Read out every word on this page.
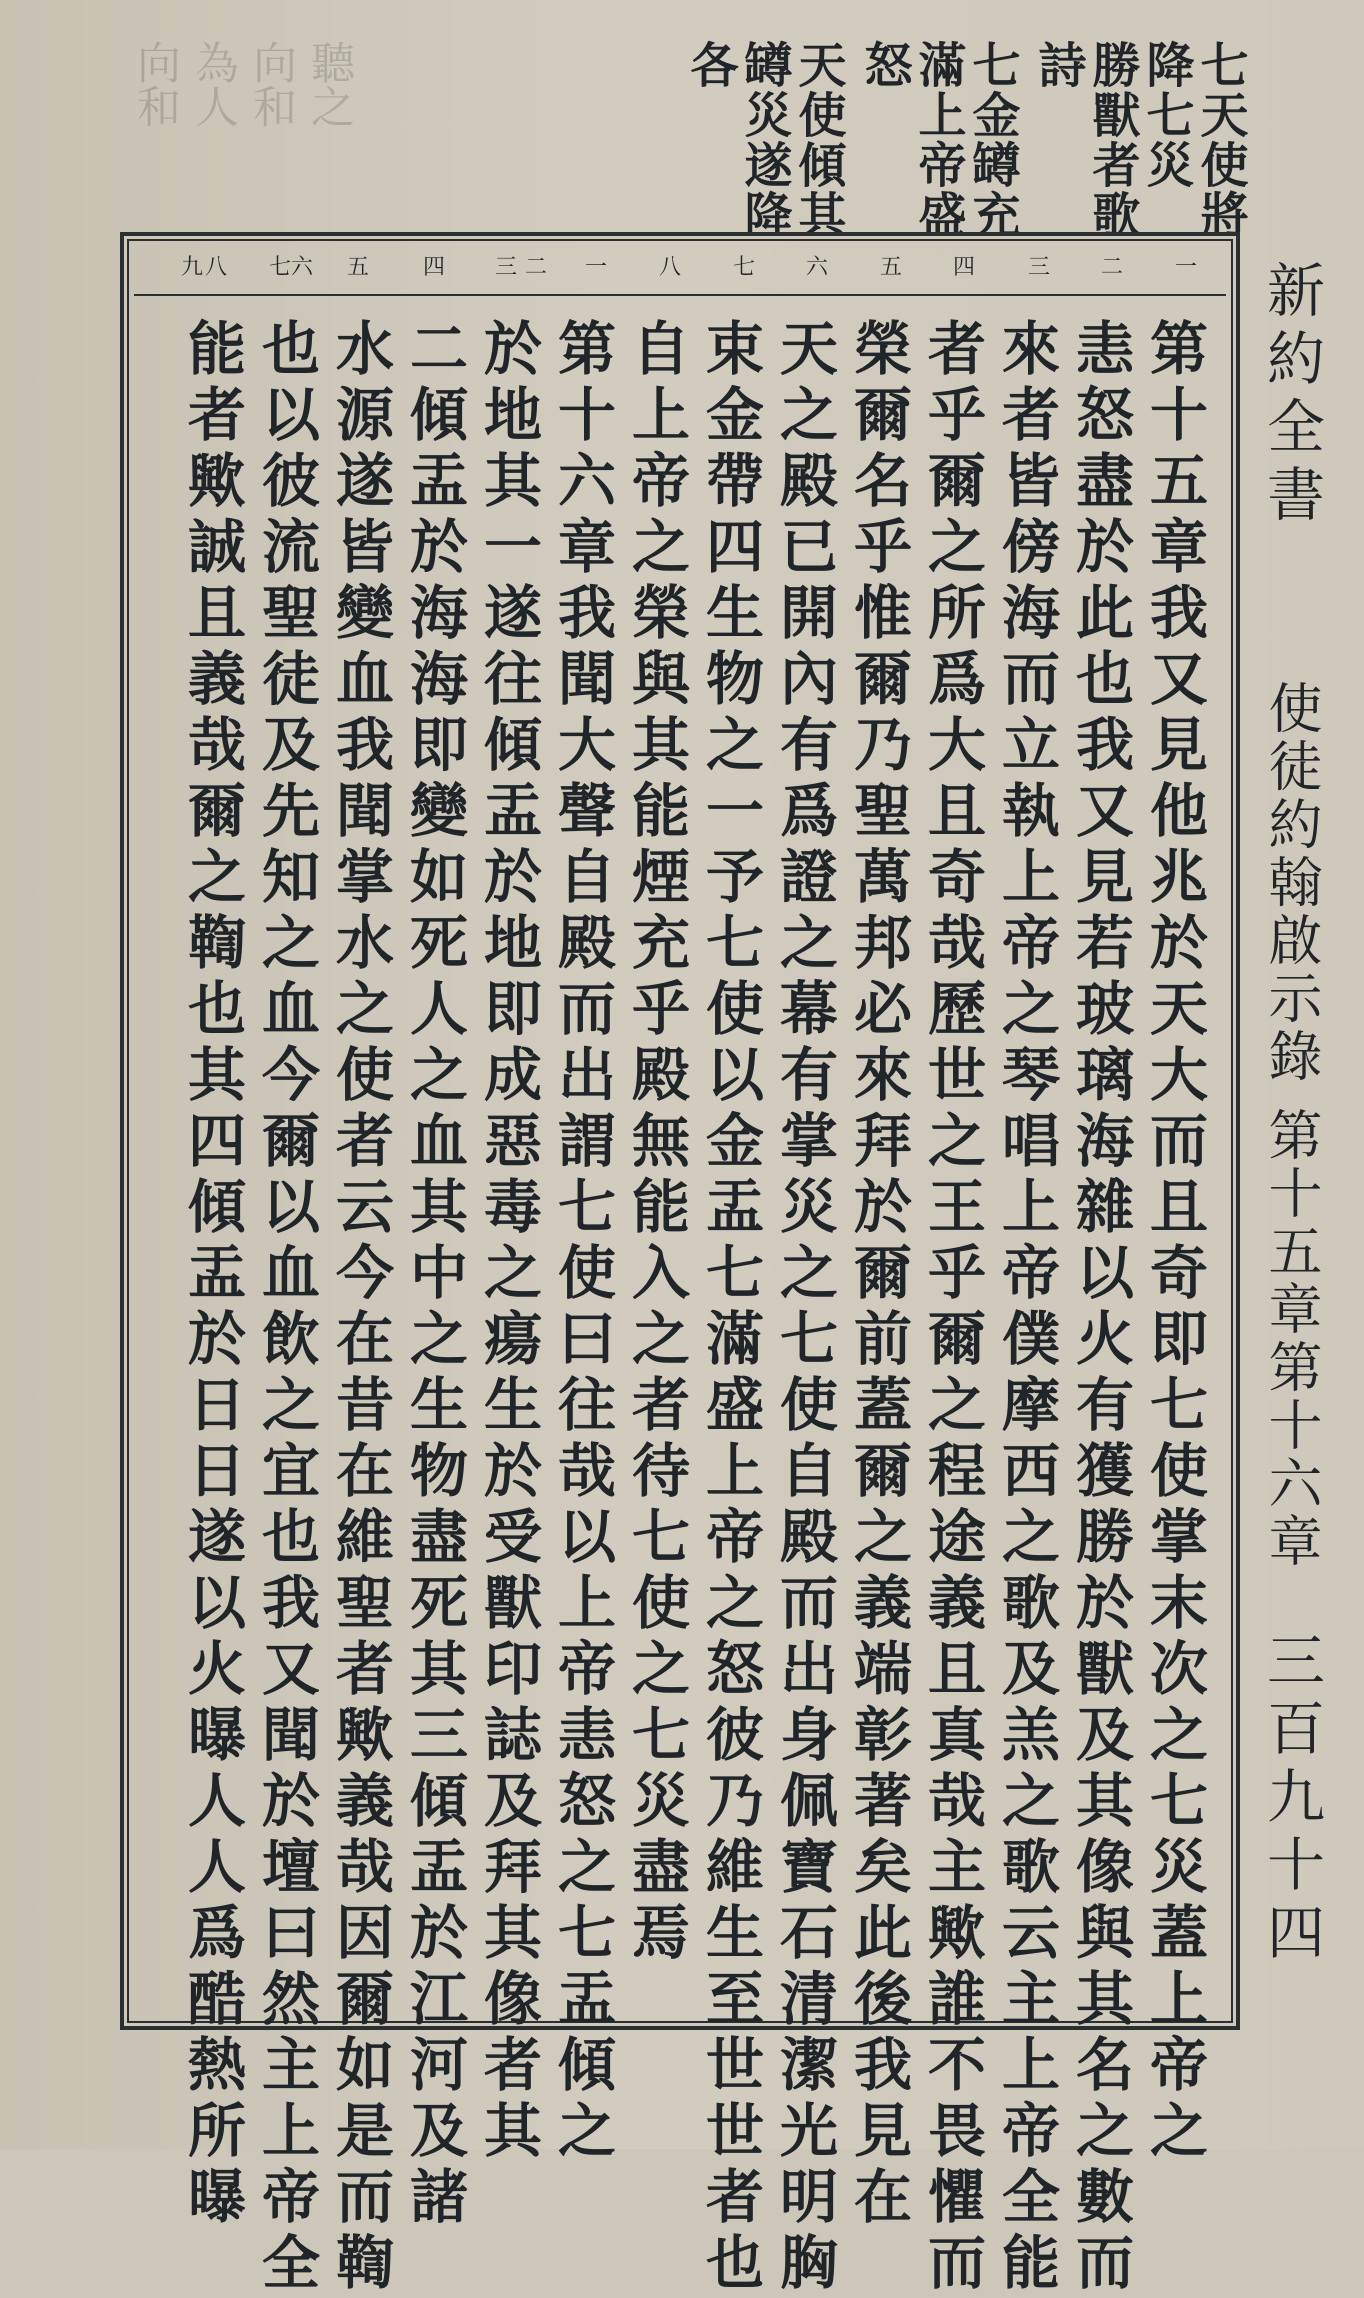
聽之
向和
為人
向和	七天使將
降七災
勝獸者歌
詩
七金罇充
滿上帝盛
怒
天使傾其
罇災遂降
各
一
二
三
四
五
六
七
八
一
二
三
四
五
六
七
八
九
第十五章我又見他兆於天大而且奇即七使掌末次之七災蓋上帝之
恚怒盡於此也我又見若玻璃海雜以火有獲勝於獸及其像與其名之數而
來者皆傍海而立執上帝之琴唱上帝僕摩西之歌及羔之歌云主上帝全能
者乎爾之所爲大且奇哉歷世之王乎爾之程途義且真哉主歟誰不畏懼而
榮爾名乎惟爾乃聖萬邦必來拜於爾前蓋爾之義端彰著矣此後我見在
天之殿已開內有爲證之幕有掌災之七使自殿而出身佩寶石清潔光明胸
束金帶四生物之一予七使以金盂七滿盛上帝之怒彼乃維生至世世者也
自上帝之榮與其能煙充乎殿無能入之者待七使之七災盡焉
第十六章我聞大聲自殿而出謂七使曰往哉以上帝恚怒之七盂傾之
於地其一遂往傾盂於地即成惡毒之瘍生於受獸印誌及拜其像者其
二傾盂於海海即變如死人之血其中之生物盡死其三傾盂於江河及諸
水源遂皆變血我聞掌水之使者云今在昔在維聖者歟義哉因爾如是而鞫
也以彼流聖徒及先知之血今爾以血飲之宜也我又聞於壇曰然主上帝全
能者歟誠且義哉爾之鞫也其四傾盂於日日遂以火曝人人爲酷熱所曝	新約全書
使徒約翰啟示錄 第十五章第十六章
三百九十四
